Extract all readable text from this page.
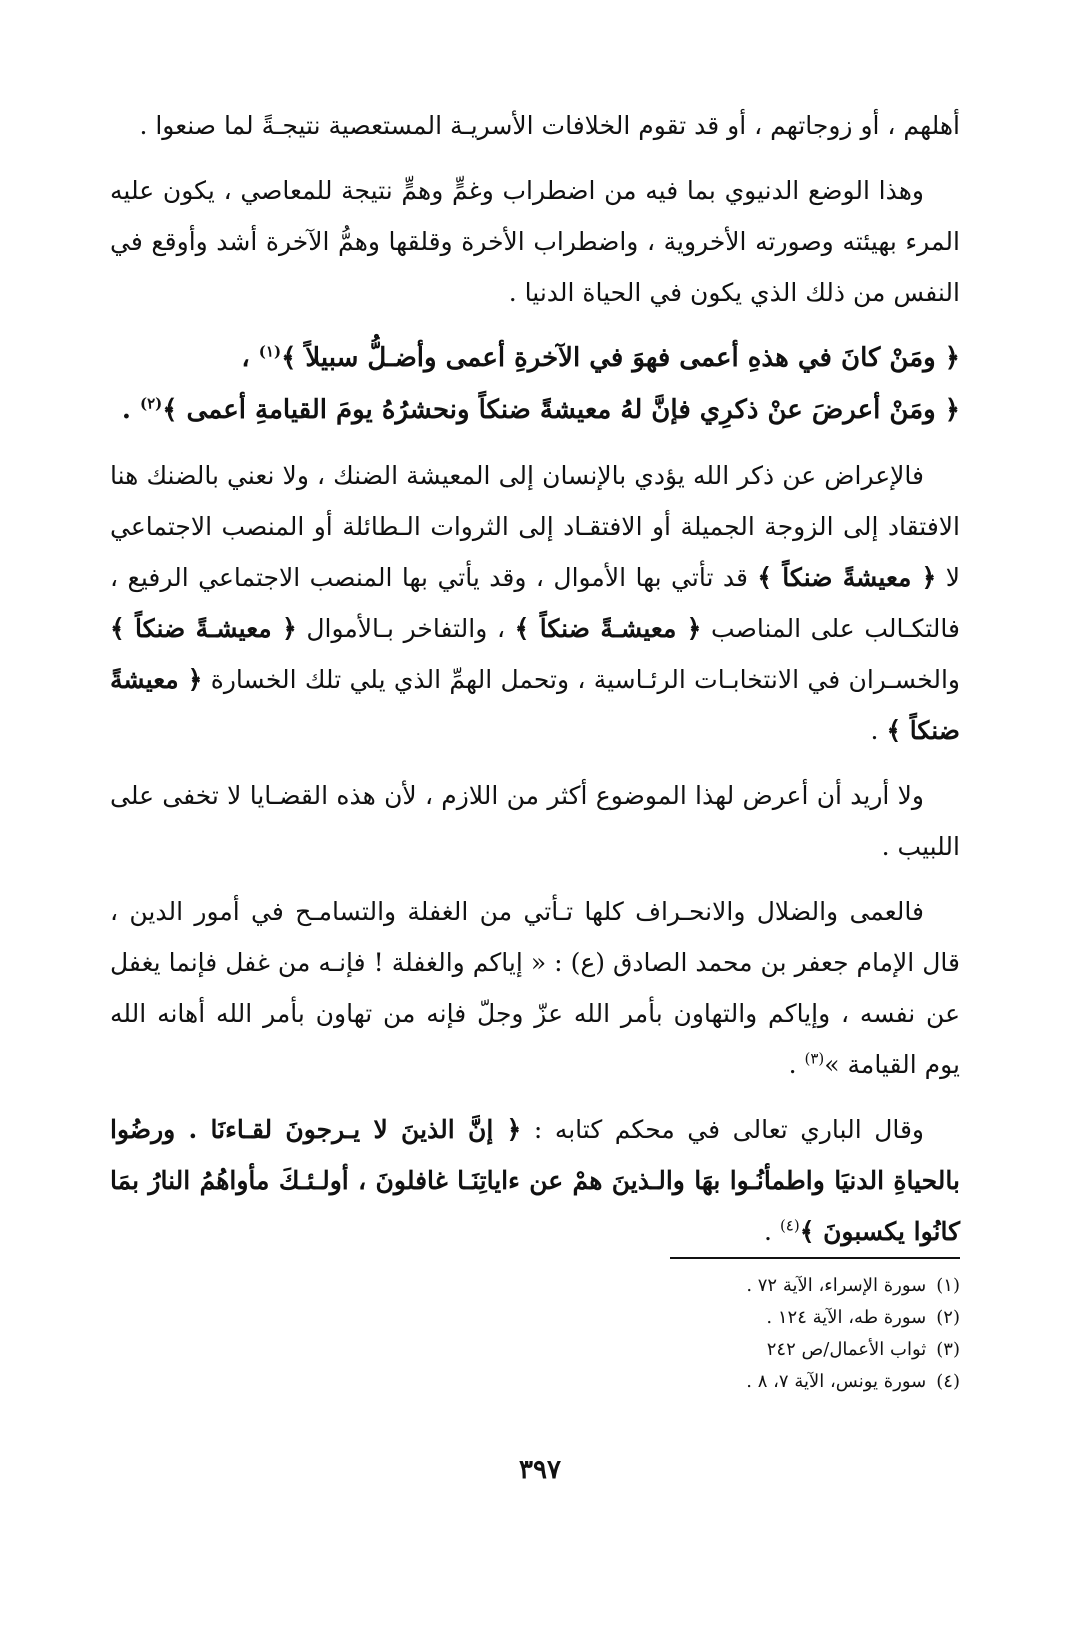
أهلهم ، أو زوجاتهم ، أو قد تقوم الخلافات الأسريـة المستعصية نتيجـةً لما صنعوا .

وهذا الوضع الدنيوي بما فيه من اضطراب وغمٍّ وهمٍّ نتيجة للمعاصي ، يكون عليه المرء بهيئته وصورته الأخروية ، واضطراب الأخرة وقلقها وهمُّ الآخرة أشد وأوقع في النفس من ذلك الذي يكون في الحياة الدنيا .

﴿ ومَنْ كانَ في هذهِ أعمى فهوَ في الآخرةِ أعمى وأضـلُّ سبيلاً ﴾$^{(١)}$ ،
﴿ ومَنْ أعرضَ عنْ ذكرِي فإنَّ لهُ معيشةً ضنكاً ونحشرُهُ يومَ القيامةِ أعمى ﴾$^{(٢)}$ .

فالإعراض عن ذكر الله يؤدي بالإنسان إلى المعيشة الضنك ، ولا نعني بالضنك هنا الافتقاد إلى الزوجة الجميلة أو الافتقـاد إلى الثروات الـطائلة أو المنصب الاجتماعي لا ﴿ معيشةً ضنكاً ﴾ قد تأتي بها الأموال ، وقد يأتي بها المنصب الاجتماعي الرفيع ، فالتكـالب على المناصب ﴿ معيشـةً ضنكاً ﴾ ، والتفاخر بـالأموال ﴿ معيشـةً ضنكاً ﴾ والخسـران في الانتخابـات الرئـاسية ، وتحمل الهمِّ الذي يلي تلك الخسارة ﴿ معيشةً ضنكاً ﴾ .

ولا أريد أن أعرض لهذا الموضوع أكثر من اللازم ، لأن هذه القضـايا لا تخفى على اللبيب .

فالعمى والضلال والانحـراف كلها تـأتي من الغفلة والتسامـح في أمور الدين ، قال الإمام جعفر بن محمد الصادق (ع) : « إياكم والغفلة ! فإنـه من غفل فإنما يغفل عن نفسه ، وإياكم والتهاون بأمر الله عزّ وجلّ فإنه من تهاون بأمر الله أهانه الله يوم القيامة »$^{(٣)}$ .

وقال الباري تعالى في محكم كتابه : ﴿ إنَّ الذينَ لا يـرجونَ لقـاءنَا . ورضُوا بالحياةِ الدنيَا واطمأنُـوا بهَا والـذينَ همْ عن ءاياتِنَـا غافلونَ ، أولـئـكَ مأواهُمُ النارُ بمَا كانُوا يكسبونَ ﴾$^{(٤)}$ .

(١)سورة الإسراء، الآية ٧٢ .
(٢)سورة طه، الآية ١٢٤ .
(٣)ثواب الأعمال/ص ٢٤٢
(٤)سورة يونس، الآية ٧، ٨ .
٣٩٧
